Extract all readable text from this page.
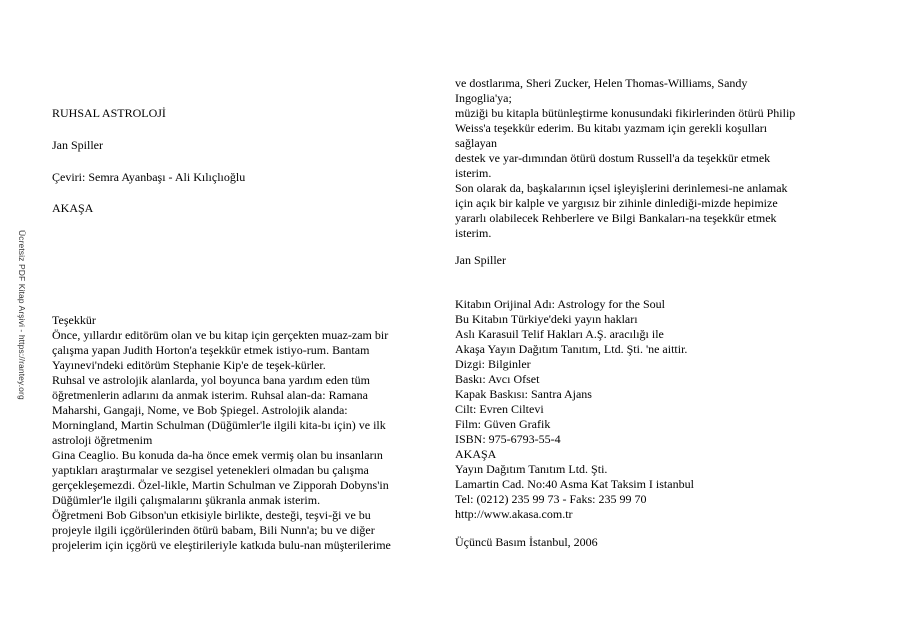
Ücretsiz PDF Kitap Arşivi - https://rantey.org
RUHSAL ASTROLOJİ
Jan Spiller
Çeviri: Semra Ayanbaşı - Ali Kılıçlıoğlu
AKAŞA
Teşekkür
Önce, yıllardır editörüm olan ve bu kitap için gerçekten muaz-zam bir
çalışma yapan Judith Horton'a teşekkür etmek istiyo-rum. Bantam
Yayınevi'ndeki editörüm Stephanie Kip'e de teşek-kürler.
Ruhsal ve astrolojik alanlarda, yol boyunca bana yardım eden tüm
öğretmenlerin adlarını da anmak isterim. Ruhsal alan-da: Ramana
Maharshi, Gangaji, Nome, ve Bob Şpiegel. Astrolojik alanda:
Morningland, Martin Schulman (Düğümler'le ilgili kita-bı için) ve ilk
astroloji öğretmenim
Gina Ceaglio. Bu konuda da-ha önce emek vermiş olan bu insanların
yaptıkları araştırmalar ve sezgisel yetenekleri olmadan bu çalışma
gerçekleşemezdi. Özel-likle, Martin Schulman ve Zipporah Dobyns'in
Düğümler'le ilgili çalışmalarını şükranla anmak isterim.
Öğretmeni Bob Gibson'un etkisiyle birlikte, desteği, teşvi-ği ve bu
projeyle ilgili içgörülerinden ötürü babam, Bili Nunn'a; bu ve diğer
projelerim için içgörü ve eleştirileriyle katkıda bulu-nan müşterilerime
ve dostlarıma, Sheri Zucker, Helen Thomas-Williams, Sandy
Ingoglia'ya;
müziği bu kitapla bütünleştirme konusundaki fikirlerinden ötürü Philip
Weiss'a teşekkür ederim. Bu kitabı yazmam için gerekli koşulları
sağlayan
destek ve yar-dımından ötürü dostum Russell'a da teşekkür etmek
isterim.
Son olarak da, başkalarının içsel işleyişlerini derinlemesi-ne anlamak
için açık bir kalple ve yargısız bir zihinle dinlediği-mizde hepimize
yararlı olabilecek Rehberlere ve Bilgi Bankaları-na teşekkür etmek
isterim.
Jan Spiller
Kitabın Orijinal Adı: Astrology for the Soul
Bu Kitabın Türkiye'deki yayın hakları
Aslı Karasuil Telif Hakları A.Ş. aracılığı ile
Akaşa Yayın Dağıtım Tanıtım, Ltd. Şti. 'ne aittir.
Dizgi: Bilginler
Baskı: Avcı Ofset
Kapak Baskısı: Santra Ajans
Cilt: Evren Ciltevi
Film: Güven Grafik
ISBN: 975-6793-55-4
AKAŞA
Yayın Dağıtım Tanıtım Ltd. Şti.
Lamartin Cad. No:40 Asma Kat Taksim I istanbul
Tel: (0212) 235 99 73 - Faks: 235 99 70
http://www.akasa.com.tr
Üçüncü Basım İstanbul, 2006
